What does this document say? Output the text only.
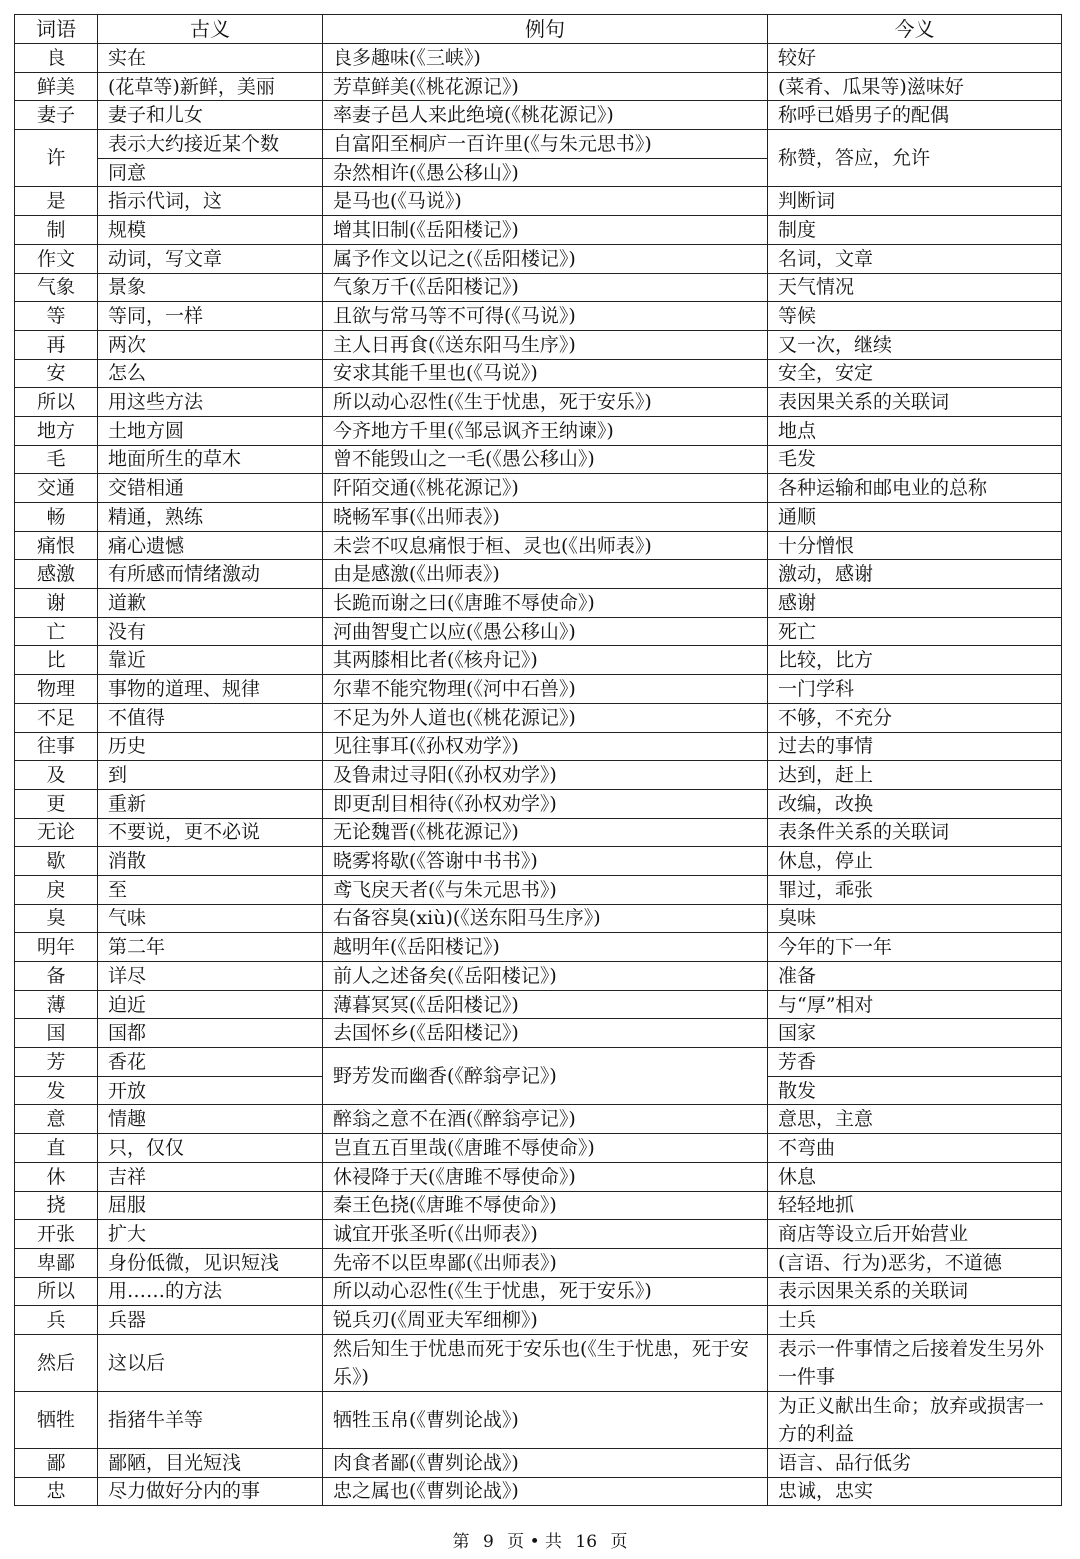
词语	古义	例句	今义
良	实在	良多趣味(《三峡》)	较好
鲜美	(花草等)新鲜，美丽	芳草鲜美(《桃花源记》)	(菜肴、瓜果等)滋味好
妻子	妻子和儿女	率妻子邑人来此绝境(《桃花源记》)	称呼已婚男子的配偶
许	表示大约接近某个数	自富阳至桐庐一百许里(《与朱元思书》)	称赞，答应，允许
	同意	杂然相许(《愚公移山》)	
是	指示代词，这	是马也(《马说》)	判断词
制	规模	增其旧制(《岳阳楼记》)	制度
作文	动词，写文章	属予作文以记之(《岳阳楼记》)	名词，文章
气象	景象	气象万千(《岳阳楼记》)	天气情况
等	等同，一样	且欲与常马等不可得(《马说》)	等候
再	两次	主人日再食(《送东阳马生序》)	又一次，继续
安	怎么	安求其能千里也(《马说》)	安全，安定
所以	用这些方法	所以动心忍性(《生于忧患，死于安乐》)	表因果关系的关联词
地方	土地方圆	今齐地方千里(《邹忌讽齐王纳谏》)	地点
毛	地面所生的草木	曾不能毁山之一毛(《愚公移山》)	毛发
交通	交错相通	阡陌交通(《桃花源记》)	各种运输和邮电业的总称
畅	精通，熟练	晓畅军事(《出师表》)	通顺
痛恨	痛心遗憾	未尝不叹息痛恨于桓、灵也(《出师表》)	十分憎恨
感激	有所感而情绪激动	由是感激(《出师表》)	激动，感谢
谢	道歉	长跪而谢之曰(《唐雎不辱使命》)	感谢
亡	没有	河曲智叟亡以应(《愚公移山》)	死亡
比	靠近	其两膝相比者(《核舟记》)	比较，比方
物理	事物的道理、规律	尔辈不能究物理(《河中石兽》)	一门学科
不足	不值得	不足为外人道也(《桃花源记》)	不够，不充分
往事	历史	见往事耳(《孙权劝学》)	过去的事情
及	到	及鲁肃过寻阳(《孙权劝学》)	达到，赶上
更	重新	即更刮目相待(《孙权劝学》)	改编，改换
无论	不要说，更不必说	无论魏晋(《桃花源记》)	表条件关系的关联词
歇	消散	晓雾将歇(《答谢中书书》)	休息，停止
戾	至	鸢飞戾天者(《与朱元思书》)	罪过，乖张
臭	气味	右备容臭(xiù)(《送东阳马生序》)	臭味
明年	第二年	越明年(《岳阳楼记》)	今年的下一年
备	详尽	前人之述备矣(《岳阳楼记》)	准备
薄	迫近	薄暮冥冥(《岳阳楼记》)	与“厚”相对
国	国都	去国怀乡(《岳阳楼记》)	国家
芳	香花	野芳发而幽香(《醉翁亭记》)	芳香
发	开放		散发
意	情趣	醉翁之意不在酒(《醉翁亭记》)	意思，主意
直	只，仅仅	岂直五百里哉(《唐雎不辱使命》)	不弯曲
休	吉祥	休祲降于天(《唐雎不辱使命》)	休息
挠	屈服	秦王色挠(《唐雎不辱使命》)	轻轻地抓
开张	扩大	诚宜开张圣听(《出师表》)	商店等设立后开始营业
卑鄙	身份低微，见识短浅	先帝不以臣卑鄙(《出师表》)	(言语、行为)恶劣，不道德
所以	用……的方法	所以动心忍性(《生于忧患，死于安乐》)	表示因果关系的关联词
兵	兵器	锐兵刃(《周亚夫军细柳》)	士兵
然后	这以后	然后知生于忧患而死于安乐也(《生于忧患，死于安乐》)	表示一件事情之后接着发生另外一件事
牺牲	指猪牛羊等	牺牲玉帛(《曹刿论战》)	为正义献出生命；放弃或损害一方的利益
鄙	鄙陋，目光短浅	肉食者鄙(《曹刿论战》)	语言、品行低劣
忠	尽力做好分内的事	忠之属也(《曹刿论战》)	忠诚，忠实
第 9 页 • 共 16 页
